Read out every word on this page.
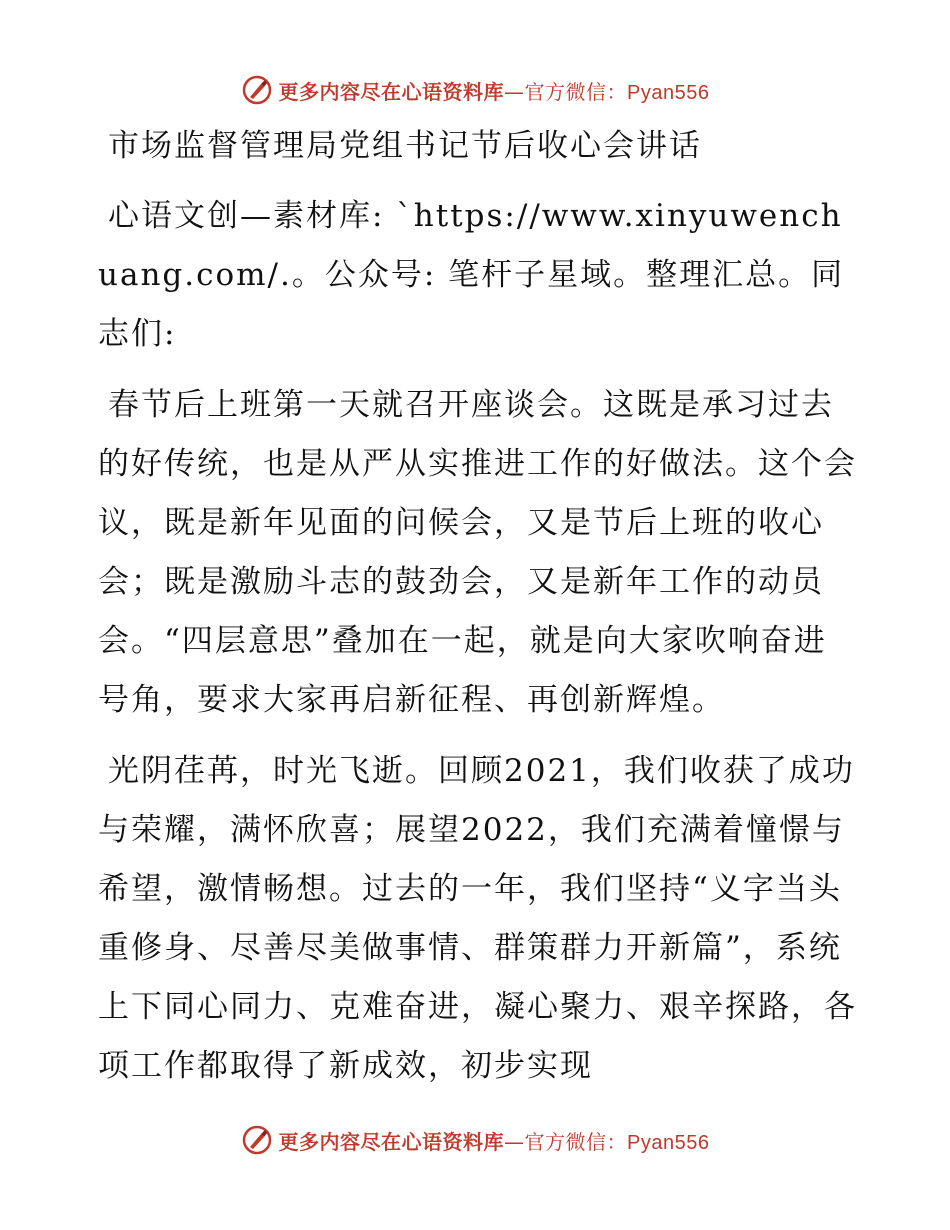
更多内容尽在心语资料库—官方微信：Pyan556
市场监督管理局党组书记节后收心会讲话

心语文创—素材库: `https://www.xinyuwenchuang.com/.。公众号: 笔杆子星域。整理汇总。同志们:

春节后上班第一天就召开座谈会。这既是承习过去的好传统，也是从严从实推进工作的好做法。这个会议，既是新年见面的问候会，又是节后上班的收心会；既是激励斗志的鼓劲会，又是新年工作的动员会。“四层意思”叠加在一起，就是向大家吹响奋进号角，要求大家再启新征程、再创新辉煌。

光阴荏苒，时光飞逝。回顾2021，我们收获了成功与荣耀，满怀欣喜；展望2022，我们充满着憧憬与希望，激情畅想。过去的一年，我们坚持“义字当头重修身、尽善尽美做事情、群策群力开新篇”，系统上下同心同力、克难奋进，凝心聚力、艰辛探路，各项工作都取得了新成效，初步实现

更多内容尽在心语资料库—官方微信：Pyan556
